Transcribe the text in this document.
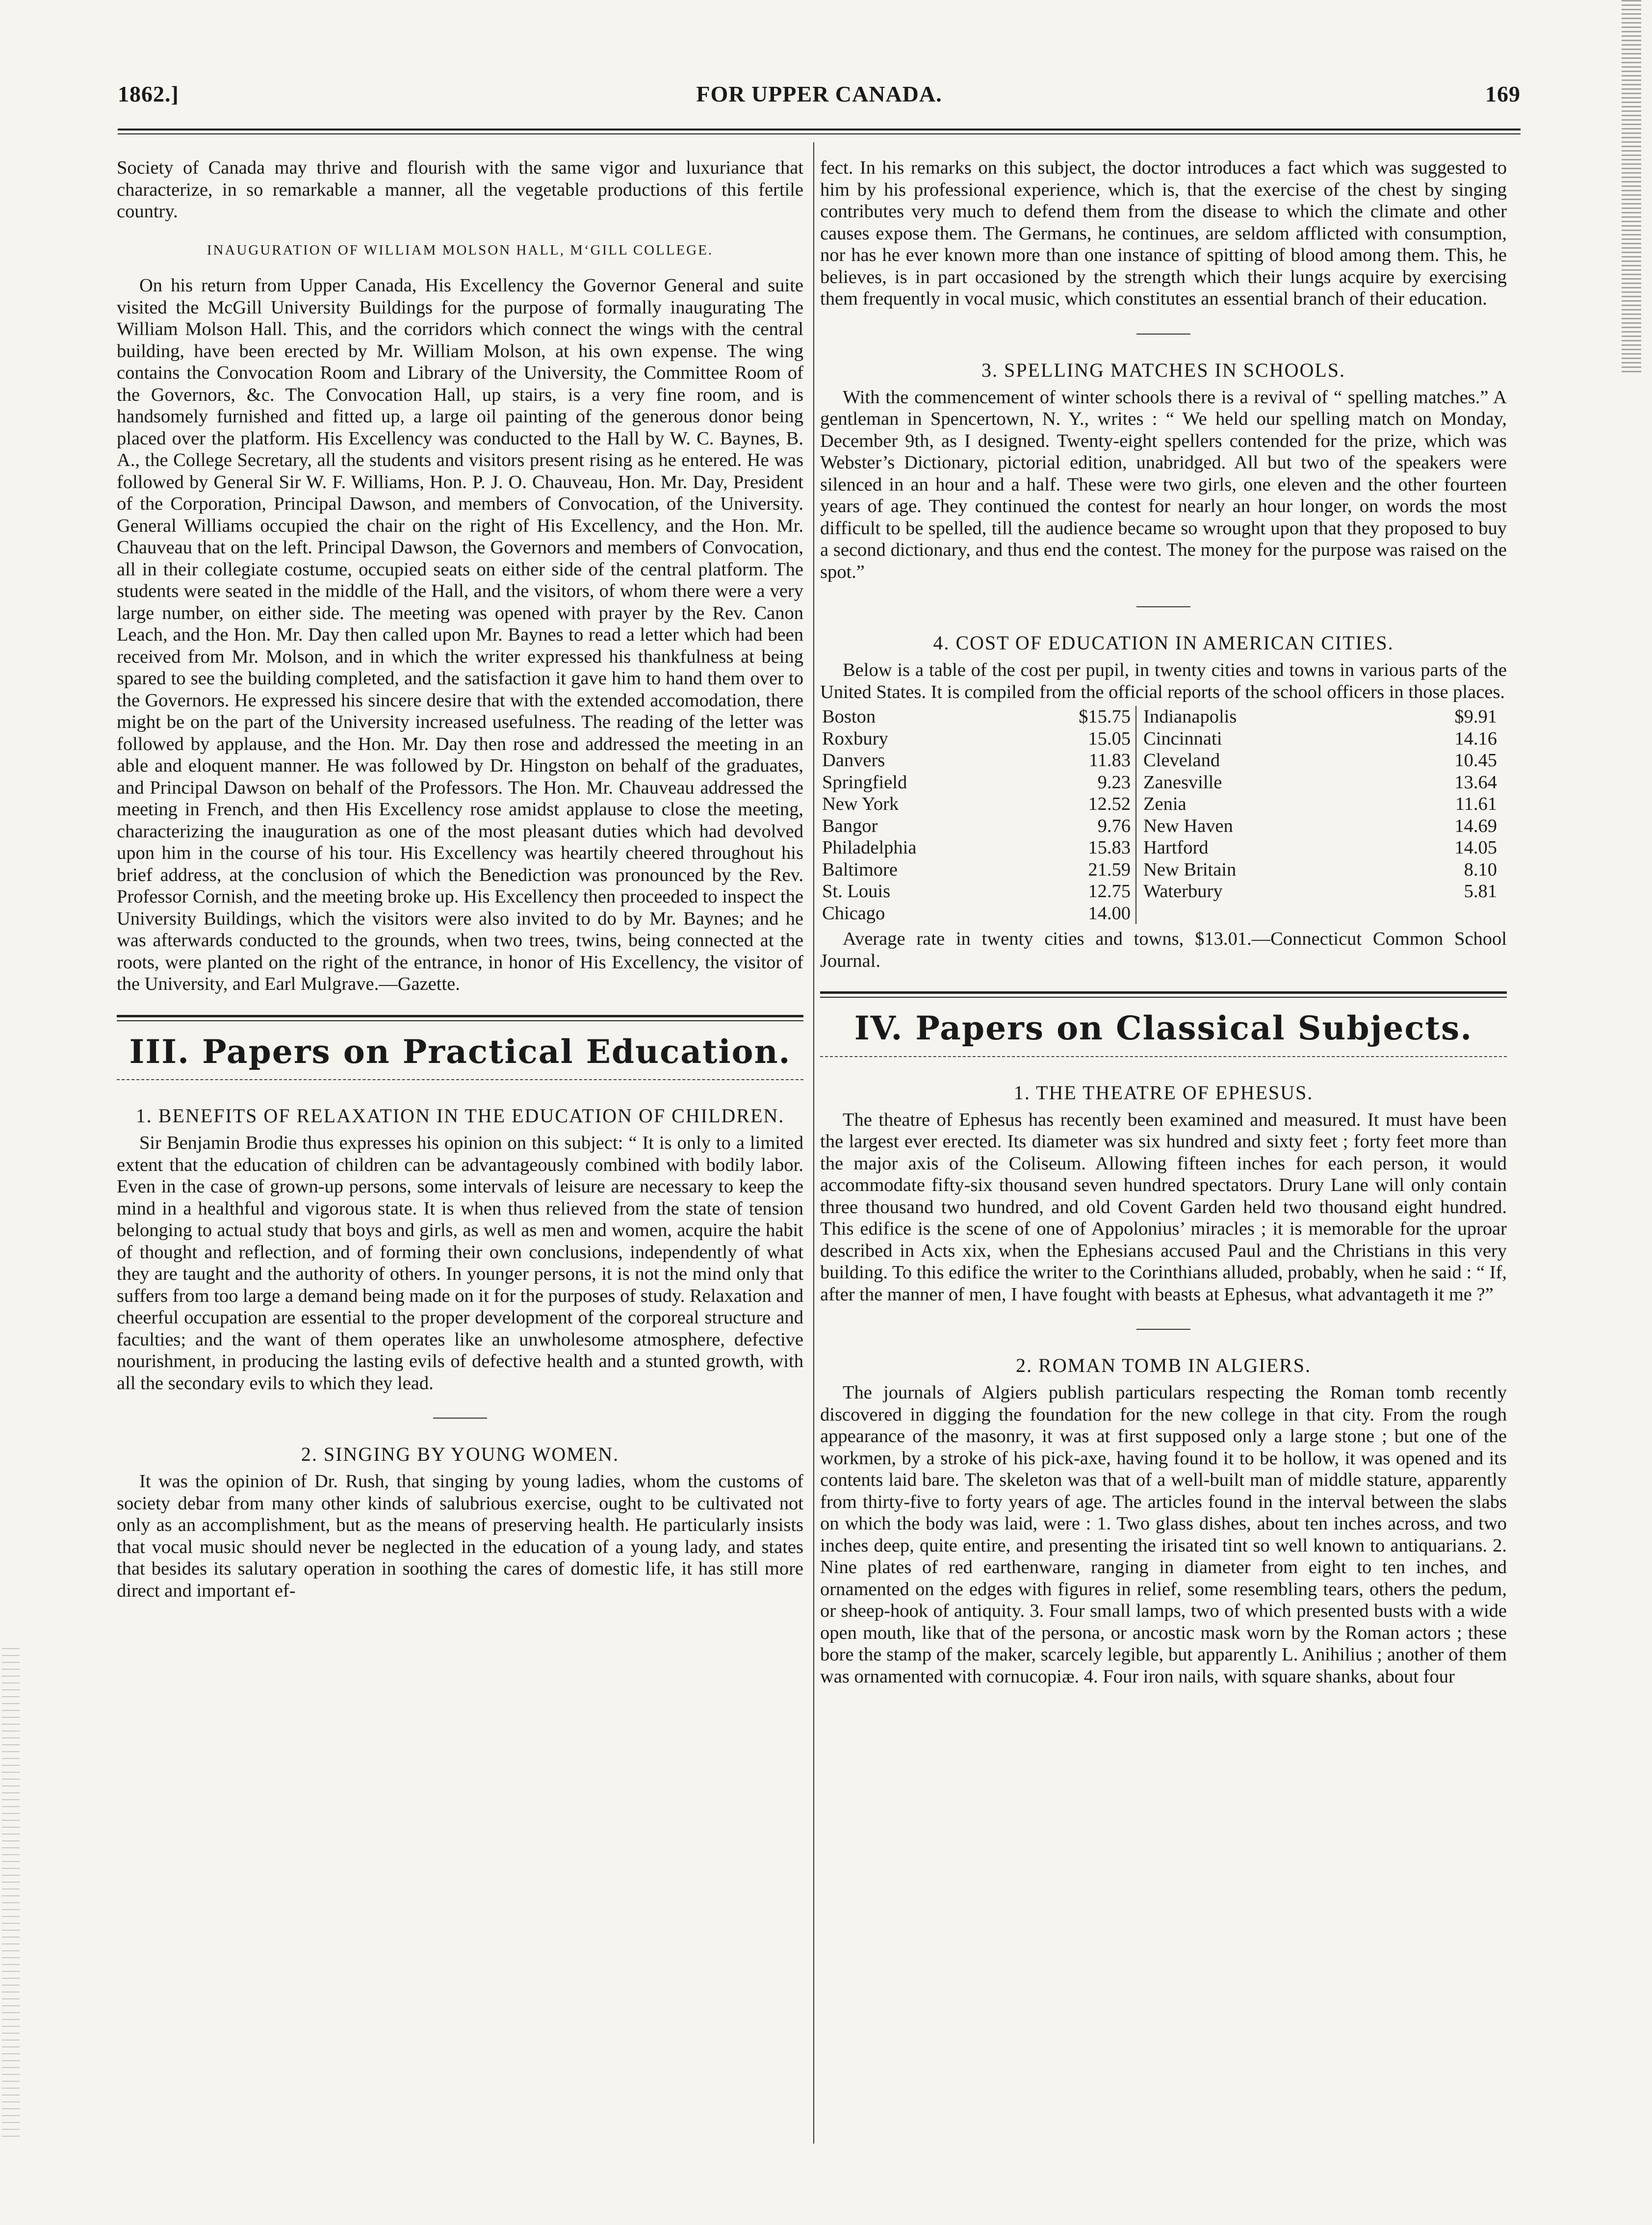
1862.]	FOR UPPER CANADA.	169

Society of Canada may thrive and flourish with the same vigor and luxuriance that characterize, in so remarkable a manner, all the vegetable productions of this fertile country.

INAUGURATION OF WILLIAM MOLSON HALL, M‘GILL COLLEGE.

On his return from Upper Canada, His Excellency the Governor General and suite visited the McGill University Buildings for the purpose of formally inaugurating The William Molson Hall. This, and the corridors which connect the wings with the central building, have been erected by Mr. William Molson, at his own expense. The wing contains the Convocation Room and Library of the University, the Committee Room of the Governors, &c. The Convocation Hall, up stairs, is a very fine room, and is handsomely furnished and fitted up, a large oil painting of the generous donor being placed over the platform. His Excellency was conducted to the Hall by W. C. Baynes, B. A., the College Secretary, all the students and visitors present rising as he entered. He was followed by General Sir W. F. Williams, Hon. P. J. O. Chauveau, Hon. Mr. Day, President of the Corporation, Principal Dawson, and members of Convocation, of the University. General Williams occupied the chair on the right of His Excellency, and the Hon. Mr. Chauveau that on the left. Principal Dawson, the Governors and members of Convocation, all in their collegiate costume, occupied seats on either side of the central platform. The students were seated in the middle of the Hall, and the visitors, of whom there were a very large number, on either side. The meeting was opened with prayer by the Rev. Canon Leach, and the Hon. Mr. Day then called upon Mr. Baynes to read a letter which had been received from Mr. Molson, and in which the writer expressed his thankfulness at being spared to see the building completed, and the satisfaction it gave him to hand them over to the Governors. He expressed his sincere desire that with the extended accomodation, there might be on the part of the University increased usefulness. The reading of the letter was followed by applause, and the Hon. Mr. Day then rose and addressed the meeting in an able and eloquent manner. He was followed by Dr. Hingston on behalf of the graduates, and Principal Dawson on behalf of the Professors. The Hon. Mr. Chauveau addressed the meeting in French, and then His Excellency rose amidst applause to close the meeting, characterizing the inauguration as one of the most pleasant duties which had devolved upon him in the course of his tour. His Excellency was heartily cheered throughout his brief address, at the conclusion of which the Benediction was pronounced by the Rev. Professor Cornish, and the meeting broke up. His Excellency then proceeded to inspect the University Buildings, which the visitors were also invited to do by Mr. Baynes; and he was afterwards conducted to the grounds, when two trees, twins, being connected at the roots, were planted on the right of the entrance, in honor of His Excellency, the visitor of the University, and Earl Mulgrave.—Gazette.

III. Papers on Practical Education.
1. BENEFITS OF RELAXATION IN THE EDUCATION OF CHILDREN.

Sir Benjamin Brodie thus expresses his opinion on this subject: “ It is only to a limited extent that the education of children can be advantageously combined with bodily labor. Even in the case of grown-up persons, some intervals of leisure are necessary to keep the mind in a healthful and vigorous state. It is when thus relieved from the state of tension belonging to actual study that boys and girls, as well as men and women, acquire the habit of thought and reflection, and of forming their own conclusions, independently of what they are taught and the authority of others. In younger persons, it is not the mind only that suffers from too large a demand being made on it for the purposes of study. Relaxation and cheerful occupation are essential to the proper development of the corporeal structure and faculties; and the want of them operates like an unwholesome atmosphere, defective nourishment, in producing the lasting evils of defective health and a stunted growth, with all the secondary evils to which they lead.

2. SINGING BY YOUNG WOMEN.

It was the opinion of Dr. Rush, that singing by young ladies, whom the customs of society debar from many other kinds of salubrious exercise, ought to be cultivated not only as an accomplishment, but as the means of preserving health. He particularly insists that vocal music should never be neglected in the education of a young lady, and states that besides its salutary operation in soothing the cares of domestic life, it has still more direct and important ef-

fect. In his remarks on this subject, the doctor introduces a fact which was suggested to him by his professional experience, which is, that the exercise of the chest by singing contributes very much to defend them from the disease to which the climate and other causes expose them. The Germans, he continues, are seldom afflicted with consumption, nor has he ever known more than one instance of spitting of blood among them. This, he believes, is in part occasioned by the strength which their lungs acquire by exercising them frequently in vocal music, which constitutes an essential branch of their education.

3. SPELLING MATCHES IN SCHOOLS.

With the commencement of winter schools there is a revival of “ spelling matches.” A gentleman in Spencertown, N. Y., writes : “ We held our spelling match on Monday, December 9th, as I designed. Twenty-eight spellers contended for the prize, which was Webster’s Dictionary, pictorial edition, unabridged. All but two of the speakers were silenced in an hour and a half. These were two girls, one eleven and the other fourteen years of age. They continued the contest for nearly an hour longer, on words the most difficult to be spelled, till the audience became so wrought upon that they proposed to buy a second dictionary, and thus end the contest. The money for the purpose was raised on the spot.”

4. COST OF EDUCATION IN AMERICAN CITIES.

Below is a table of the cost per pupil, in twenty cities and towns in various parts of the United States. It is compiled from the official reports of the school officers in those places.

Boston	$15.75	Indianapolis	$9.91
Roxbury	15.05	Cincinnati	14.16
Danvers	11.83	Cleveland	10.45
Springfield	9.23	Zanesville	13.64
New York	12.52	Zenia	11.61
Bangor	9.76	New Haven	14.69
Philadelphia	15.83	Hartford	14.05
Baltimore	21.59	New Britain	8.10
St. Louis	12.75	Waterbury	5.81
Chicago	14.00		

Average rate in twenty cities and towns, $13.01.—Connecticut Common School Journal.

IV. Papers on Classical Subjects.
1. THE THEATRE OF EPHESUS.

The theatre of Ephesus has recently been examined and measured. It must have been the largest ever erected. Its diameter was six hundred and sixty feet ; forty feet more than the major axis of the Coliseum. Allowing fifteen inches for each person, it would accommodate fifty-six thousand seven hundred spectators. Drury Lane will only contain three thousand two hundred, and old Covent Garden held two thousand eight hundred. This edifice is the scene of one of Appolonius’ miracles ; it is memorable for the uproar described in Acts xix, when the Ephesians accused Paul and the Christians in this very building. To this edifice the writer to the Corinthians alluded, probably, when he said : “ If, after the manner of men, I have fought with beasts at Ephesus, what advantageth it me ?”

2. ROMAN TOMB IN ALGIERS.

The journals of Algiers publish particulars respecting the Roman tomb recently discovered in digging the foundation for the new college in that city. From the rough appearance of the masonry, it was at first supposed only a large stone ; but one of the workmen, by a stroke of his pick-axe, having found it to be hollow, it was opened and its contents laid bare. The skeleton was that of a well-built man of middle stature, apparently from thirty-five to forty years of age. The articles found in the interval between the slabs on which the body was laid, were : 1. Two glass dishes, about ten inches across, and two inches deep, quite entire, and presenting the irisated tint so well known to antiquarians. 2. Nine plates of red earthenware, ranging in diameter from eight to ten inches, and ornamented on the edges with figures in relief, some resembling tears, others the pedum, or sheep-hook of antiquity. 3. Four small lamps, two of which presented busts with a wide open mouth, like that of the persona, or ancostic mask worn by the Roman actors ; these bore the stamp of the maker, scarcely legible, but apparently L. Anihilius ; another of them was ornamented with cornucopiæ. 4. Four iron nails, with square shanks, about four
